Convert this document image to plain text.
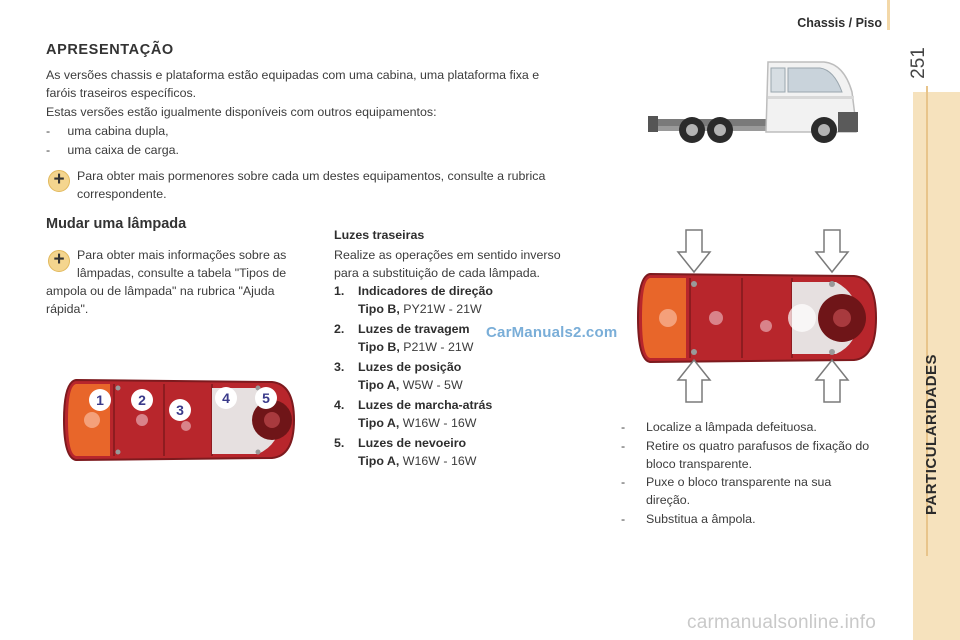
Chassis / Piso
251
PARTICULARIDADES
APRESENTAÇÃO
As versões chassis e plataforma estão equipadas com uma cabina, uma plataforma fixa e
faróis traseiros específicos.
Estas versões estão igualmente disponíveis com outros equipamentos:
-     uma cabina dupla,
-     uma caixa de carga.
+
Para obter mais pormenores sobre cada um destes equipamentos, consulte a rubrica
correspondente.
Mudar uma lâmpada
+
Para obter mais informações sobre as
lâmpadas, consulte a tabela "Tipos de
ampola ou de lâmpada" na rubrica "Ajuda
rápida".
Luzes traseiras
Realize as operações em sentido inverso
para a substituição de cada lâmpada.
1. Indicadores de direção
Tipo B, PY21W - 21W
2. Luzes de travagem
Tipo B, P21W - 21W
3. Luzes de posição
Tipo A, W5W - 5W
4. Luzes de marcha-atrás
Tipo A, W16W - 16W
5. Luzes de nevoeiro
Tipo A, W16W - 16W
CarManuals2.com
1 2
3
4 5
- Localize a lâmpada defeituosa.
- Retire os quatro parafusos de fixação do
bloco transparente.
- Puxe o bloco transparente na sua
direção.
- Substitua a âmpola.
carmanualsonline.info
